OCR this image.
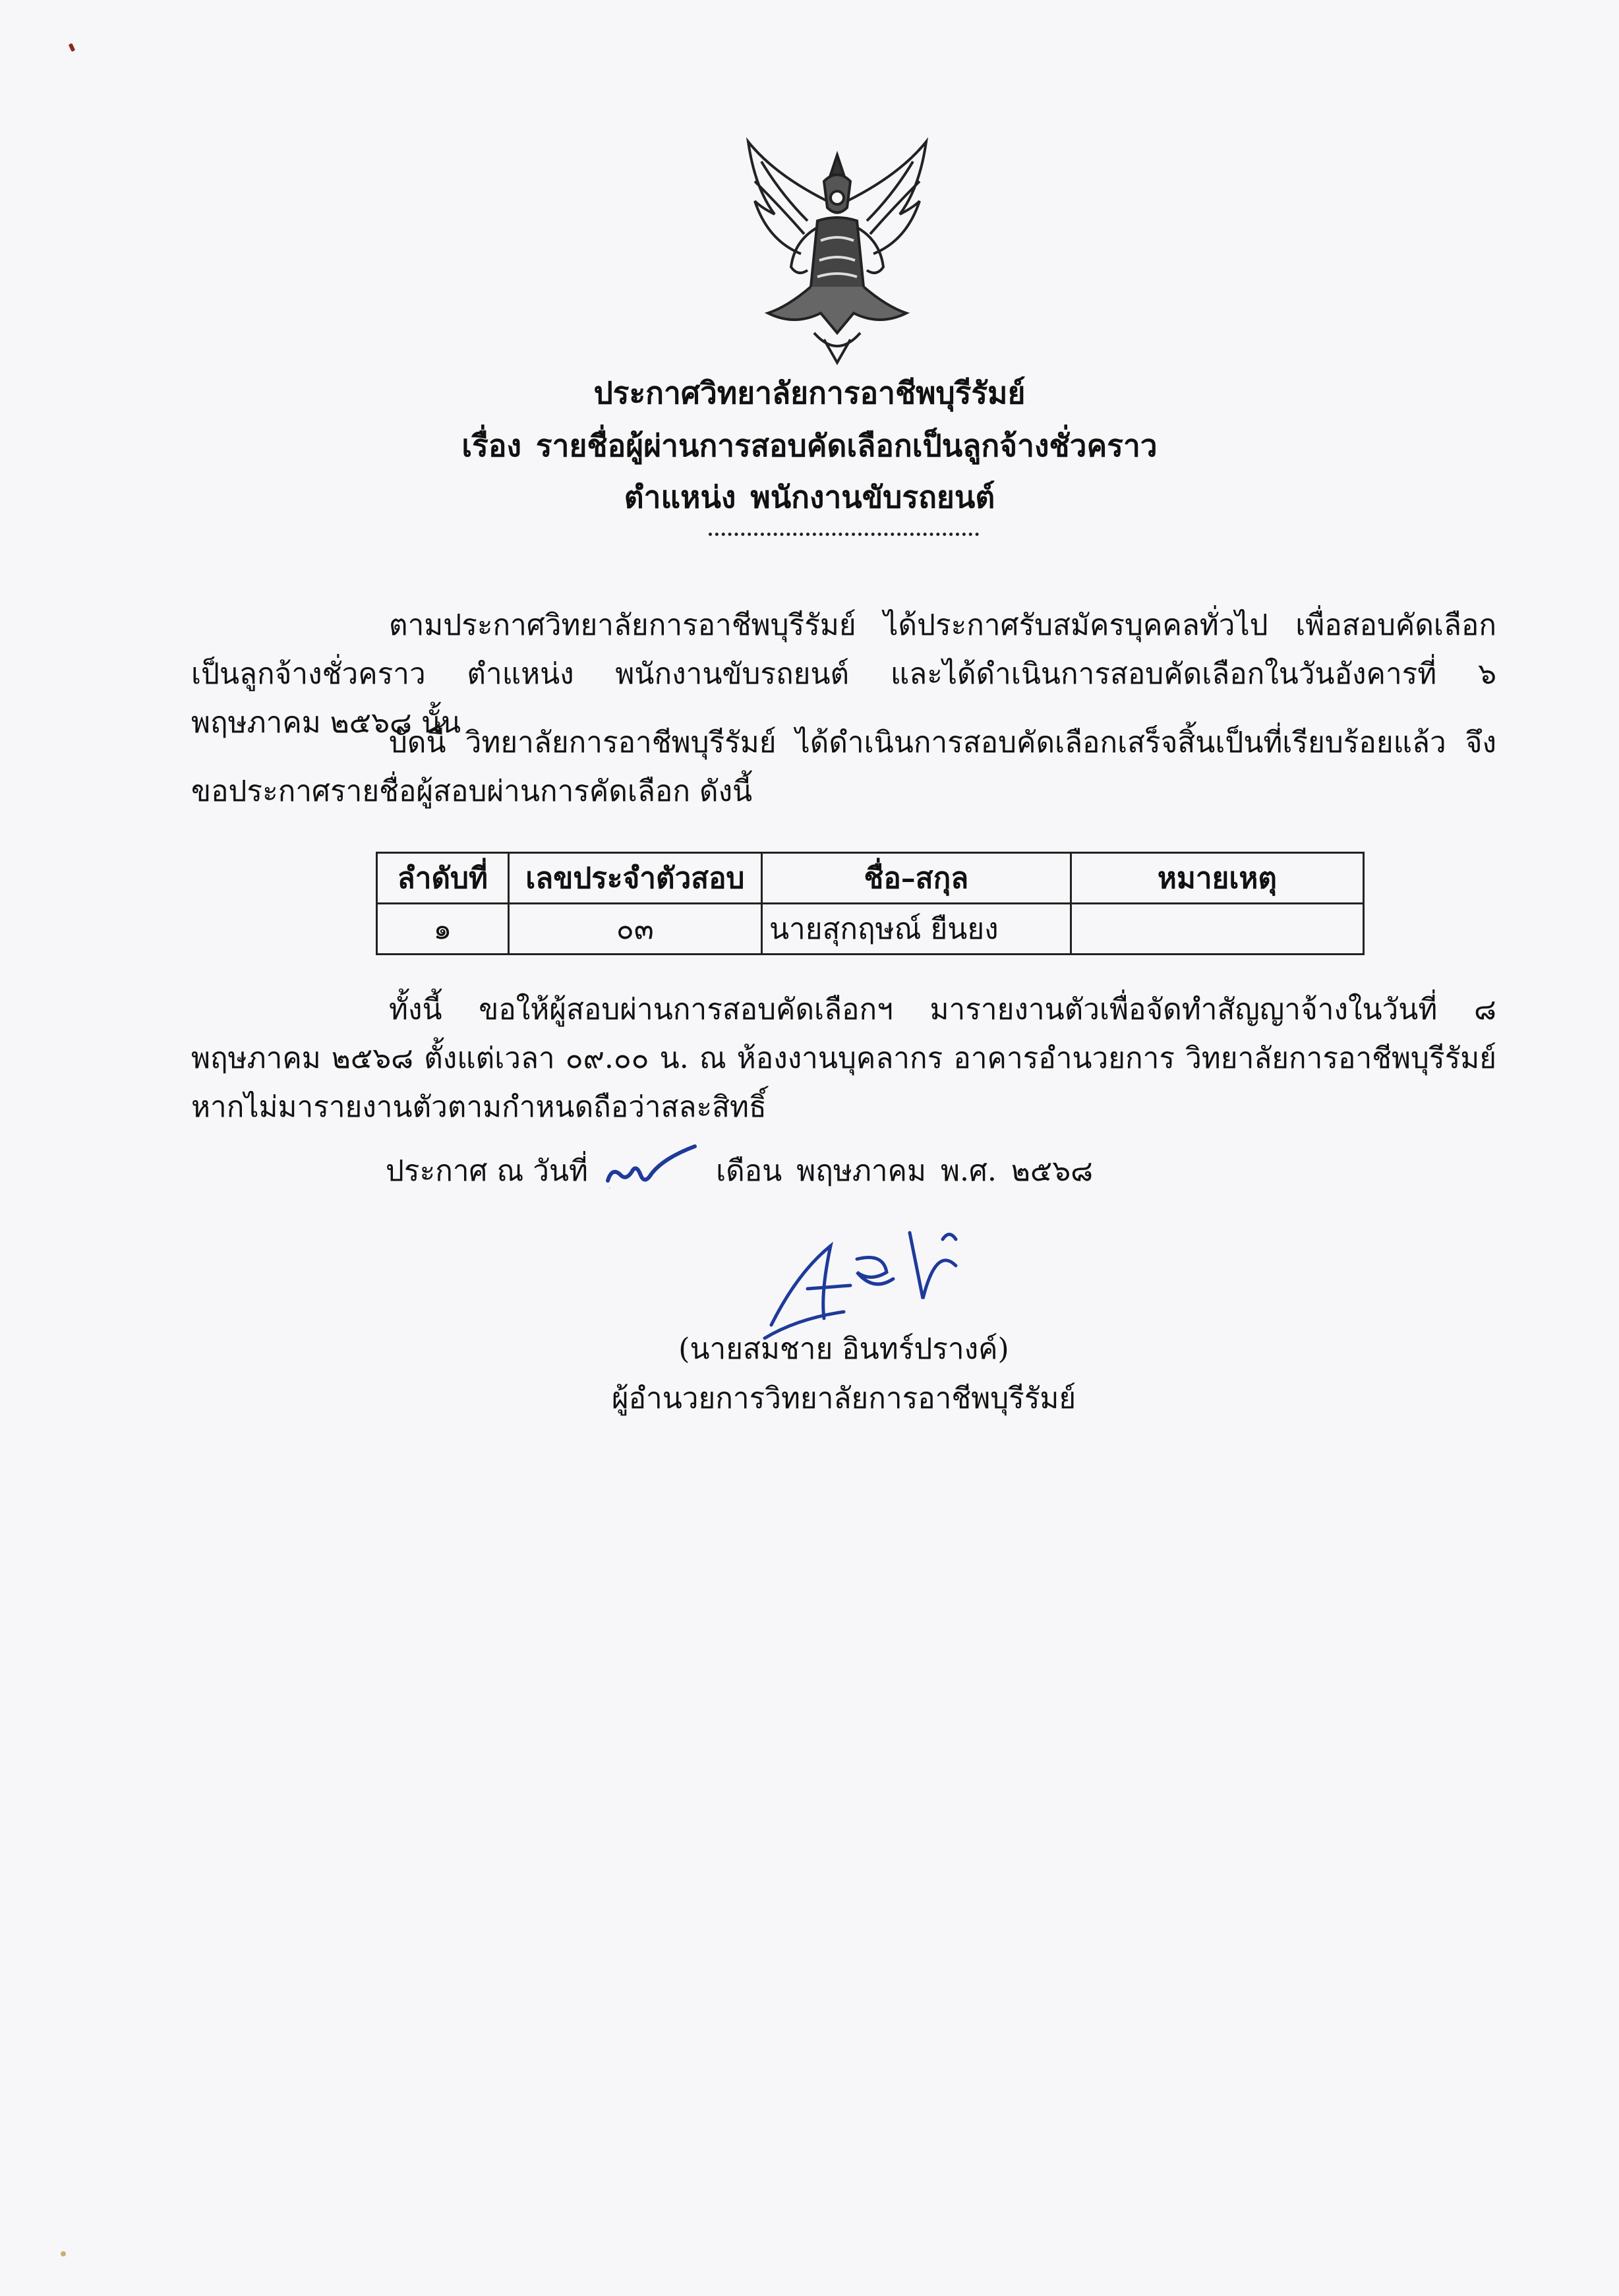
ประกาศวิทยาลัยการอาชีพบุรีรัมย์
เรื่อง รายชื่อผู้ผ่านการสอบคัดเลือกเป็นลูกจ้างชั่วคราว
ตำแหน่ง พนักงานขับรถยนต์
ตามประกาศวิทยาลัยการอาชีพบุรีรัมย์ ได้ประกาศรับสมัครบุคคลทั่วไป เพื่อสอบคัดเลือกเป็นลูกจ้างชั่วคราว ตำแหน่ง พนักงานขับรถยนต์ และได้ดำเนินการสอบคัดเลือกในวันอังคารที่ ๖ พฤษภาคม ๒๕๖๘ นั้น
บัดนี้ วิทยาลัยการอาชีพบุรีรัมย์ ได้ดำเนินการสอบคัดเลือกเสร็จสิ้นเป็นที่เรียบร้อยแล้ว จึงขอประกาศรายชื่อผู้สอบผ่านการคัดเลือก ดังนี้
ลำดับที่	เลขประจำตัวสอบ	ชื่อ–สกุล	หมายเหตุ
๑	๐๓	นายสุกฤษณ์ ยืนยง	
ทั้งนี้ ขอให้ผู้สอบผ่านการสอบคัดเลือกฯ มารายงานตัวเพื่อจัดทำสัญญาจ้างในวันที่ ๘ พฤษภาคม ๒๕๖๘ ตั้งแต่เวลา ๐๙.๐๐ น. ณ ห้องงานบุคลากร อาคารอำนวยการ วิทยาลัยการอาชีพบุรีรัมย์ หากไม่มารายงานตัวตามกำหนดถือว่าสละสิทธิ์
ประกาศ ณ วันที่
๗
เดือน พฤษภาคม พ.ศ. ๒๕๖๘
(นายสมชาย อินทร์ปรางค์)
ผู้อำนวยการวิทยาลัยการอาชีพบุรีรัมย์
